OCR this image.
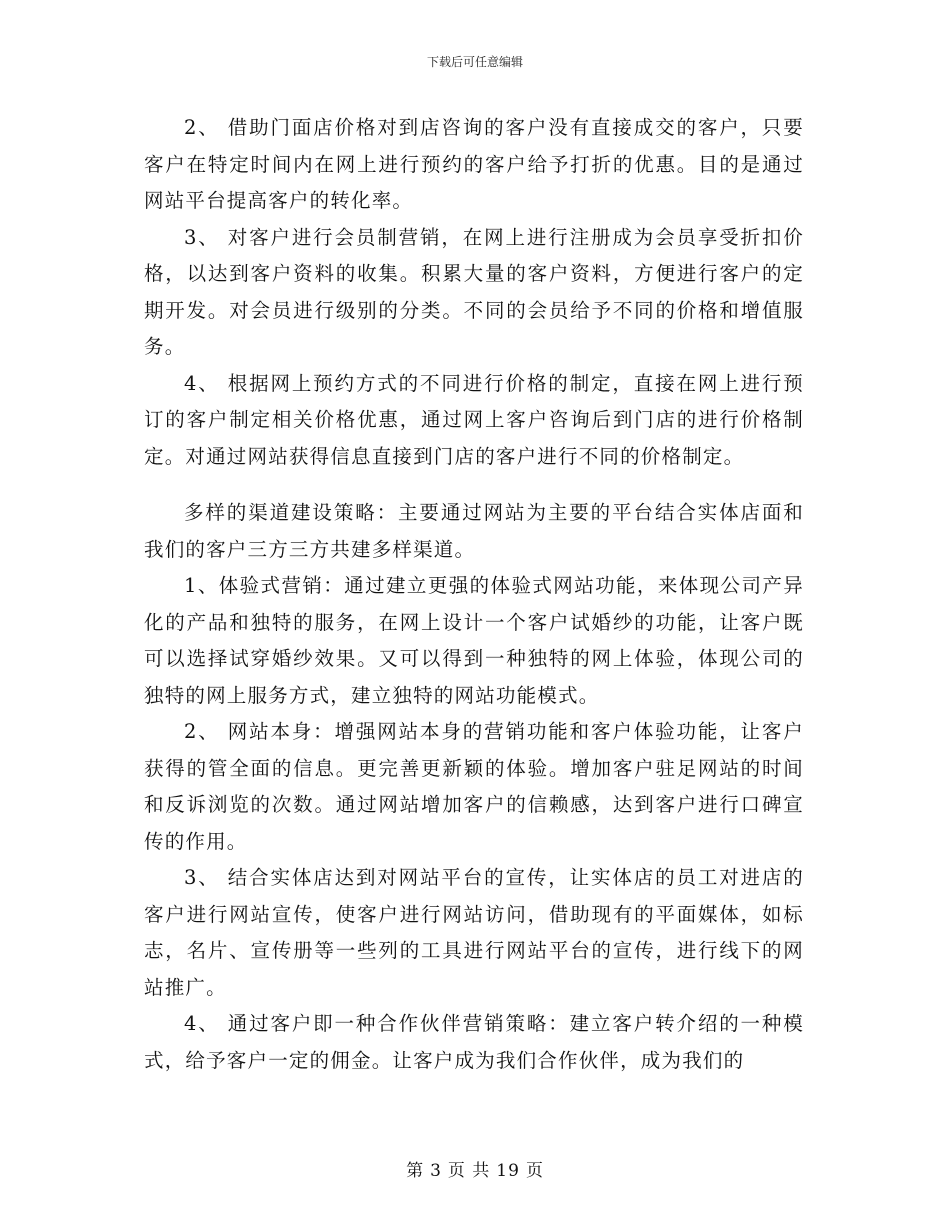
下载后可任意编辑

2、 借助门面店价格对到店咨询的客户没有直接成交的客户，只要客户在特定时间内在网上进行预约的客户给予打折的优惠。目的是通过网站平台提高客户的转化率。

3、 对客户进行会员制营销，在网上进行注册成为会员享受折扣价格，以达到客户资料的收集。积累大量的客户资料，方便进行客户的定期开发。对会员进行级别的分类。不同的会员给予不同的价格和增值服务。

4、 根据网上预约方式的不同进行价格的制定，直接在网上进行预订的客户制定相关价格优惠，通过网上客户咨询后到门店的进行价格制定。对通过网站获得信息直接到门店的客户进行不同的价格制定。

多样的渠道建设策略：主要通过网站为主要的平台结合实体店面和我们的客户三方三方共建多样渠道。

1、体验式营销：通过建立更强的体验式网站功能，来体现公司产异化的产品和独特的服务，在网上设计一个客户试婚纱的功能，让客户既可以选择试穿婚纱效果。又可以得到一种独特的网上体验，体现公司的独特的网上服务方式，建立独特的网站功能模式。

2、 网站本身：增强网站本身的营销功能和客户体验功能，让客户获得的管全面的信息。更完善更新颖的体验。增加客户驻足网站的时间和反诉浏览的次数。通过网站增加客户的信赖感，达到客户进行口碑宣传的作用。

3、 结合实体店达到对网站平台的宣传，让实体店的员工对进店的客户进行网站宣传，使客户进行网站访问，借助现有的平面媒体，如标志，名片、宣传册等一些列的工具进行网站平台的宣传，进行线下的网站推广。

4、 通过客户即一种合作伙伴营销策略：建立客户转介绍的一种模式，给予客户一定的佣金。让客户成为我们合作伙伴，成为我们的

第 3 页 共 19 页
